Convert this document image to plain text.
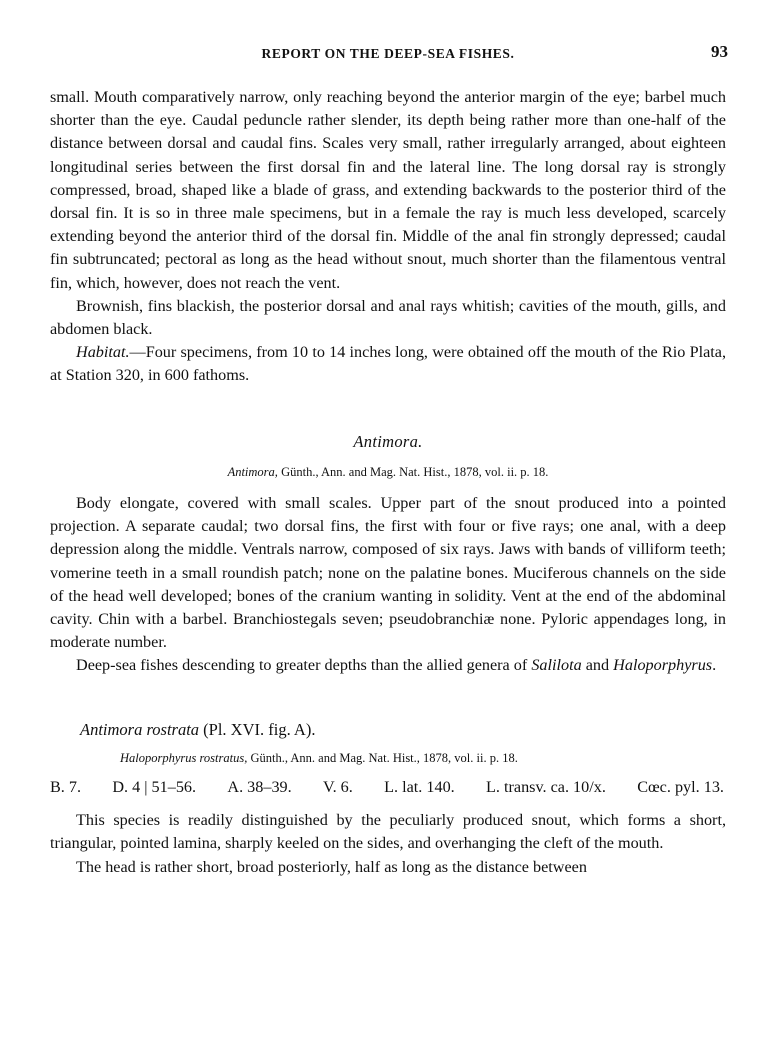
REPORT ON THE DEEP-SEA FISHES.	93

small. Mouth comparatively narrow, only reaching beyond the anterior margin of the eye; barbel much shorter than the eye. Caudal peduncle rather slender, its depth being rather more than one-half of the distance between dorsal and caudal fins. Scales very small, rather irregularly arranged, about eighteen longitudinal series between the first dorsal fin and the lateral line. The long dorsal ray is strongly compressed, broad, shaped like a blade of grass, and extending backwards to the posterior third of the dorsal fin. It is so in three male specimens, but in a female the ray is much less developed, scarcely extending beyond the anterior third of the dorsal fin. Middle of the anal fin strongly depressed; caudal fin subtruncated; pectoral as long as the head without snout, much shorter than the filamentous ventral fin, which, however, does not reach the vent.

Brownish, fins blackish, the posterior dorsal and anal rays whitish; cavities of the mouth, gills, and abdomen black.

Habitat.—Four specimens, from 10 to 14 inches long, were obtained off the mouth of the Rio Plata, at Station 320, in 600 fathoms.

Antimora.
Antimora, Günth., Ann. and Mag. Nat. Hist., 1878, vol. ii. p. 18.

Body elongate, covered with small scales. Upper part of the snout produced into a pointed projection. A separate caudal; two dorsal fins, the first with four or five rays; one anal, with a deep depression along the middle. Ventrals narrow, composed of six rays. Jaws with bands of villiform teeth; vomerine teeth in a small roundish patch; none on the palatine bones. Muciferous channels on the side of the head well developed; bones of the cranium wanting in solidity. Vent at the end of the abdominal cavity. Chin with a barbel. Branchiostegals seven; pseudobranchiæ none. Pyloric appendages long, in moderate number.

Deep-sea fishes descending to greater depths than the allied genera of Salilota and Haloporphyrus.

Antimora rostrata (Pl. XVI. fig. A).
Haloporphyrus rostratus, Günth., Ann. and Mag. Nat. Hist., 1878, vol. ii. p. 18.
B. 7. D. 4 | 51–56. A. 38–39. V. 6. L. lat. 140. L. transv. ca. 10/x. Cœc. pyl. 13.

This species is readily distinguished by the peculiarly produced snout, which forms a short, triangular, pointed lamina, sharply keeled on the sides, and overhanging the cleft of the mouth.

The head is rather short, broad posteriorly, half as long as the distance between
